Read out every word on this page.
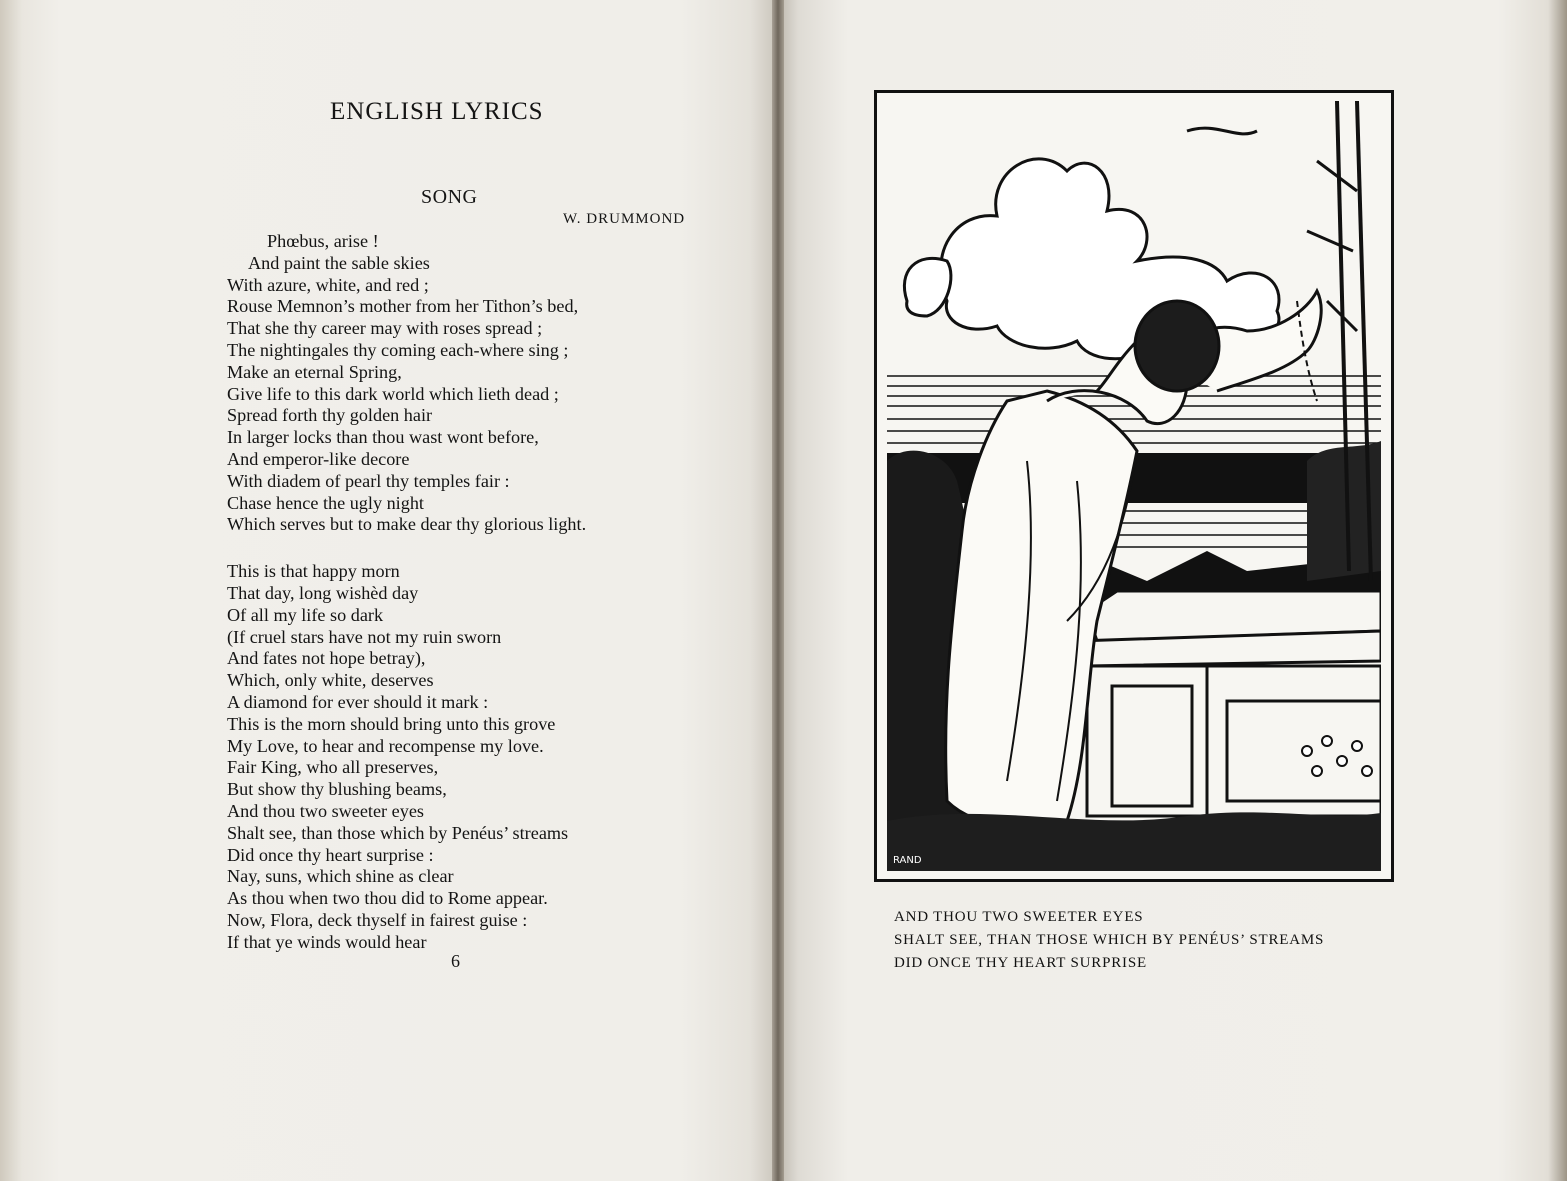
ENGLISH LYRICS
SONG
W. DRUMMOND
Phœbus, arise !
And paint the sable skies
With azure, white, and red ;
Rouse Memnon’s mother from her Tithon’s bed,
That she thy career may with roses spread ;
The nightingales thy coming each-where sing ;
Make an eternal Spring,
Give life to this dark world which lieth dead ;
Spread forth thy golden hair
In larger locks than thou wast wont before,
And emperor-like decore
With diadem of pearl thy temples fair :
Chase hence the ugly night
Which serves but to make dear thy glorious light.
This is that happy morn
That day, long wishèd day
Of all my life so dark
(If cruel stars have not my ruin sworn
And fates not hope betray),
Which, only white, deserves
A diamond for ever should it mark :
This is the morn should bring unto this grove
My Love, to hear and recompense my love.
Fair King, who all preserves,
But show thy blushing beams,
And thou two sweeter eyes
Shalt see, than those which by Penéus’ streams
Did once thy heart surprise :
Nay, suns, which shine as clear
As thou when two thou did to Rome appear.
Now, Flora, deck thyself in fairest guise :
If that ye winds would hear
6
RAND
AND THOU TWO SWEETER EYES
SHALT SEE, THAN THOSE WHICH BY PENÉUS’ STREAMS
DID ONCE THY HEART SURPRISE
